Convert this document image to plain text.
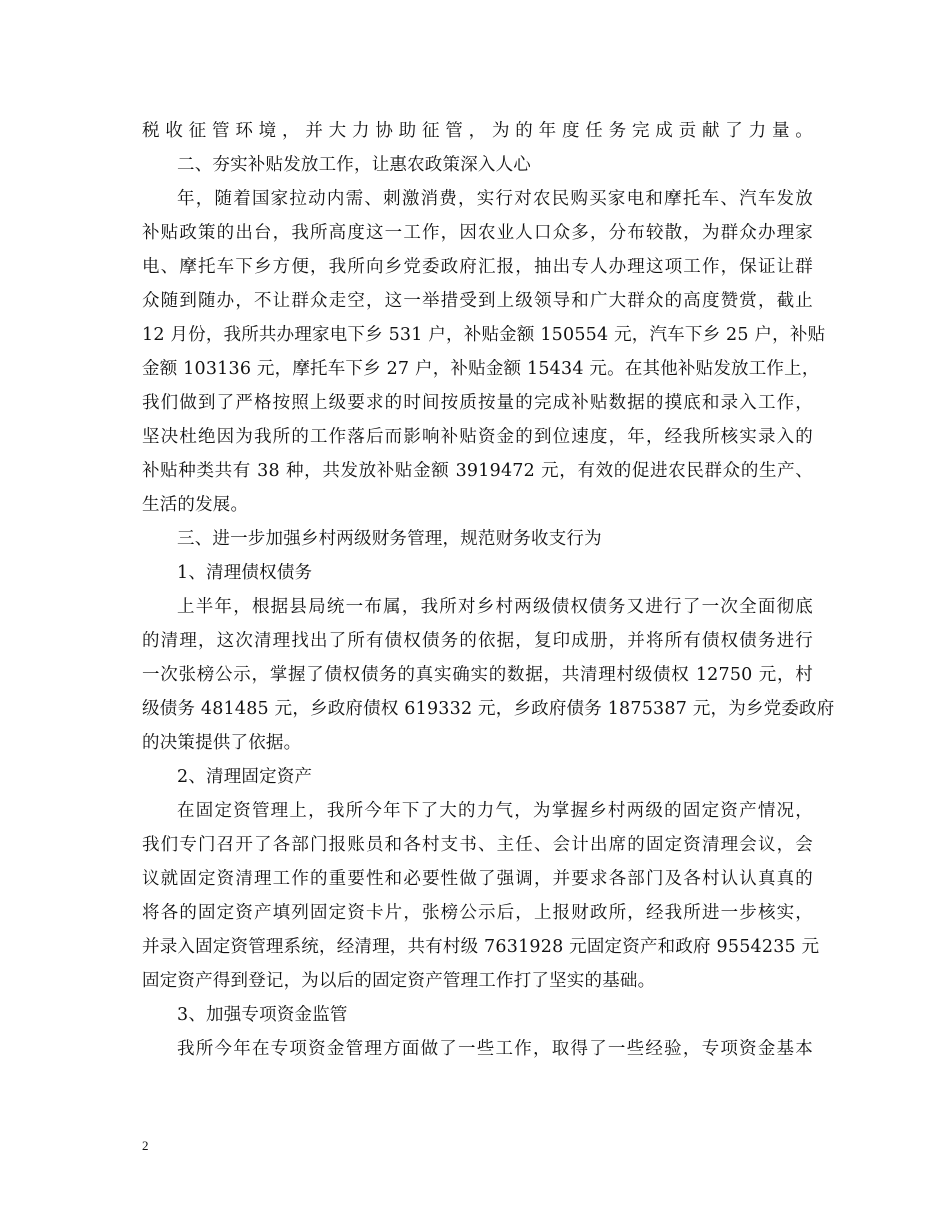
税收征管环境，并大力协助征管，为的年度任务完成贡献了力量。
二、夯实补贴发放工作，让惠农政策深入人心
年，随着国家拉动内需、刺激消费，实行对农民购买家电和摩托车、汽车发放
补贴政策的出台，我所高度这一工作，因农业人口众多，分布较散，为群众办理家
电、摩托车下乡方便，我所向乡党委政府汇报，抽出专人办理这项工作，保证让群
众随到随办，不让群众走空，这一举措受到上级领导和广大群众的高度赞赏，截止
12 月份，我所共办理家电下乡 531 户，补贴金额 150554 元，汽车下乡 25 户，补贴
金额 103136 元，摩托车下乡 27 户，补贴金额 15434 元。在其他补贴发放工作上，
我们做到了严格按照上级要求的时间按质按量的完成补贴数据的摸底和录入工作，
坚决杜绝因为我所的工作落后而影响补贴资金的到位速度，年，经我所核实录入的
补贴种类共有 38 种，共发放补贴金额 3919472 元，有效的促进农民群众的生产、
生活的发展。
三、进一步加强乡村两级财务管理，规范财务收支行为
1、清理债权债务
上半年，根据县局统一布属，我所对乡村两级债权债务又进行了一次全面彻底
的清理，这次清理找出了所有债权债务的依据，复印成册，并将所有债权债务进行
一次张榜公示，掌握了债权债务的真实确实的数据，共清理村级债权 12750 元，村
级债务 481485 元，乡政府债权 619332 元，乡政府债务 1875387 元，为乡党委政府
的决策提供了依据。
2、清理固定资产
在固定资管理上，我所今年下了大的力气，为掌握乡村两级的固定资产情况，
我们专门召开了各部门报账员和各村支书、主任、会计出席的固定资清理会议，会
议就固定资清理工作的重要性和必要性做了强调，并要求各部门及各村认认真真的
将各的固定资产填列固定资卡片，张榜公示后，上报财政所，经我所进一步核实，
并录入固定资管理系统，经清理，共有村级 7631928 元固定资产和政府 9554235 元
固定资产得到登记，为以后的固定资产管理工作打了坚实的基础。
3、加强专项资金监管
我所今年在专项资金管理方面做了一些工作，取得了一些经验，专项资金基本
2
